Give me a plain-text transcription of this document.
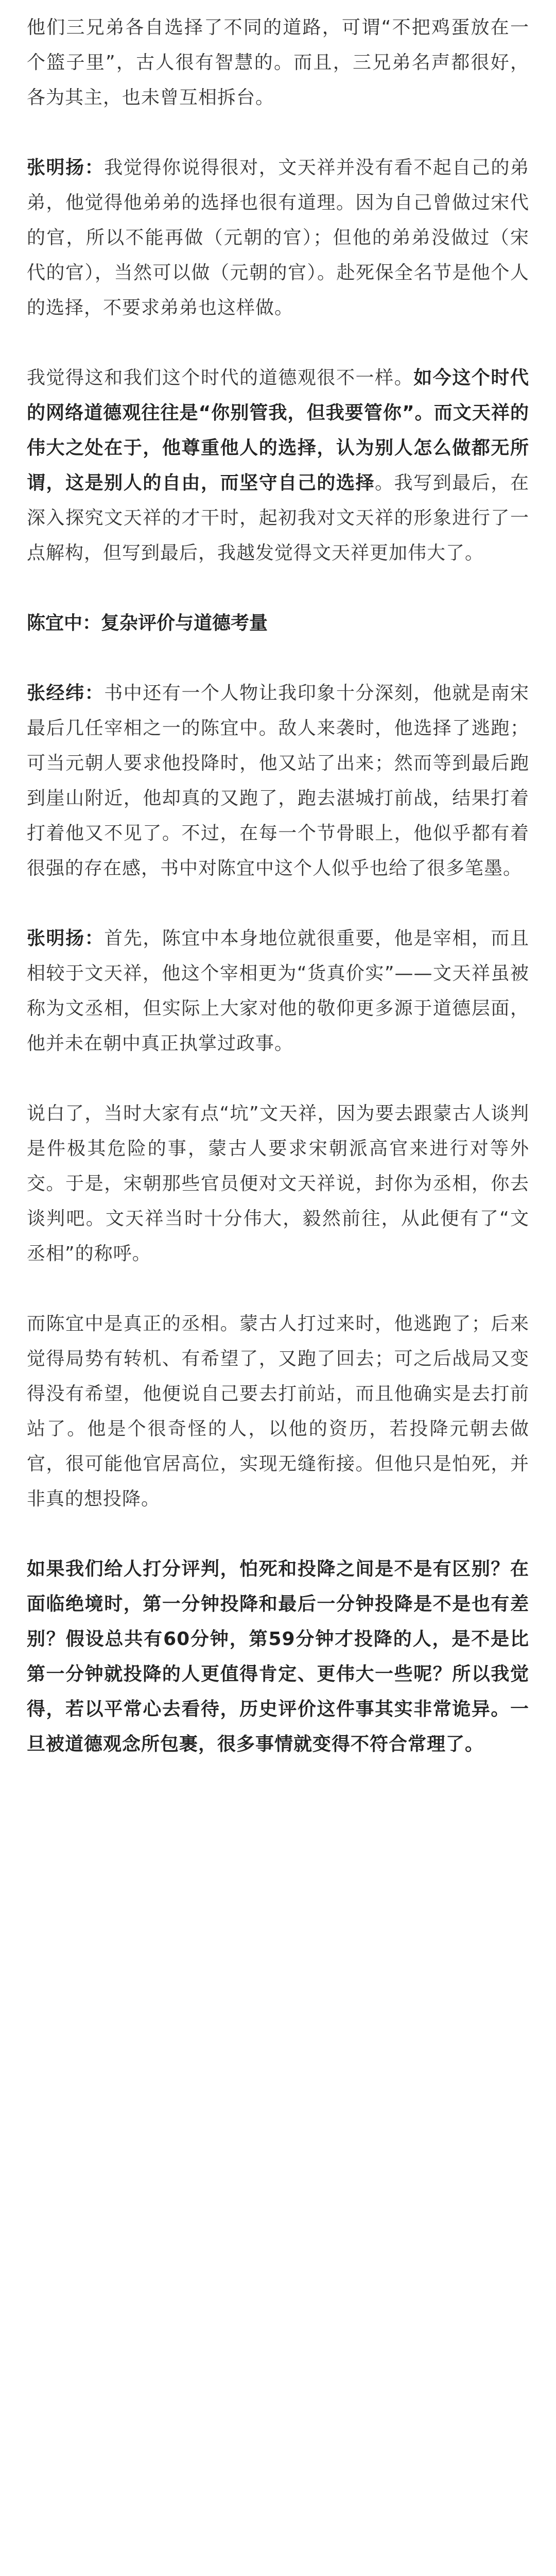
他们三兄弟各自选择了不同的道路，可谓“不把鸡蛋放在一个篮子里”，古人很有智慧的。而且，三兄弟名声都很好，各为其主，也未曾互相拆台。

张明扬：我觉得你说得很对，文天祥并没有看不起自己的弟弟，他觉得他弟弟的选择也很有道理。因为自己曾做过宋代的官，所以不能再做（元朝的官）；但他的弟弟没做过（宋代的官），当然可以做（元朝的官）。赴死保全名节是他个人的选择，不要求弟弟也这样做。

我觉得这和我们这个时代的道德观很不一样。如今这个时代的网络道德观往往是“你别管我，但我要管你”。而文天祥的伟大之处在于，他尊重他人的选择，认为别人怎么做都无所谓，这是别人的自由，而坚守自己的选择。我写到最后，在深入探究文天祥的才干时，起初我对文天祥的形象进行了一点解构，但写到最后，我越发觉得文天祥更加伟大了。

陈宜中：复杂评价与道德考量

张经纬：书中还有一个人物让我印象十分深刻，他就是南宋最后几任宰相之一的陈宜中。敌人来袭时，他选择了逃跑；可当元朝人要求他投降时，他又站了出来；然而等到最后跑到崖山附近，他却真的又跑了，跑去湛城打前战，结果打着打着他又不见了。不过，在每一个节骨眼上，他似乎都有着很强的存在感，书中对陈宜中这个人似乎也给了很多笔墨。

张明扬：首先，陈宜中本身地位就很重要，他是宰相，而且相较于文天祥，他这个宰相更为“货真价实”——文天祥虽被称为文丞相，但实际上大家对他的敬仰更多源于道德层面，他并未在朝中真正执掌过政事。

说白了，当时大家有点“坑”文天祥，因为要去跟蒙古人谈判是件极其危险的事，蒙古人要求宋朝派高官来进行对等外交。于是，宋朝那些官员便对文天祥说，封你为丞相，你去谈判吧。文天祥当时十分伟大，毅然前往，从此便有了“文丞相”的称呼。

而陈宜中是真正的丞相。蒙古人打过来时，他逃跑了；后来觉得局势有转机、有希望了，又跑了回去；可之后战局又变得没有希望，他便说自己要去打前站，而且他确实是去打前站了。他是个很奇怪的人，以他的资历，若投降元朝去做官，很可能他官居高位，实现无缝衔接。但他只是怕死，并非真的想投降。

如果我们给人打分评判，怕死和投降之间是不是有区别？在面临绝境时，第一分钟投降和最后一分钟投降是不是也有差别？假设总共有60分钟，第59分钟才投降的人，是不是比第一分钟就投降的人更值得肯定、更伟大一些呢？所以我觉得，若以平常心去看待，历史评价这件事其实非常诡异。一旦被道德观念所包裹，很多事情就变得不符合常理了。
